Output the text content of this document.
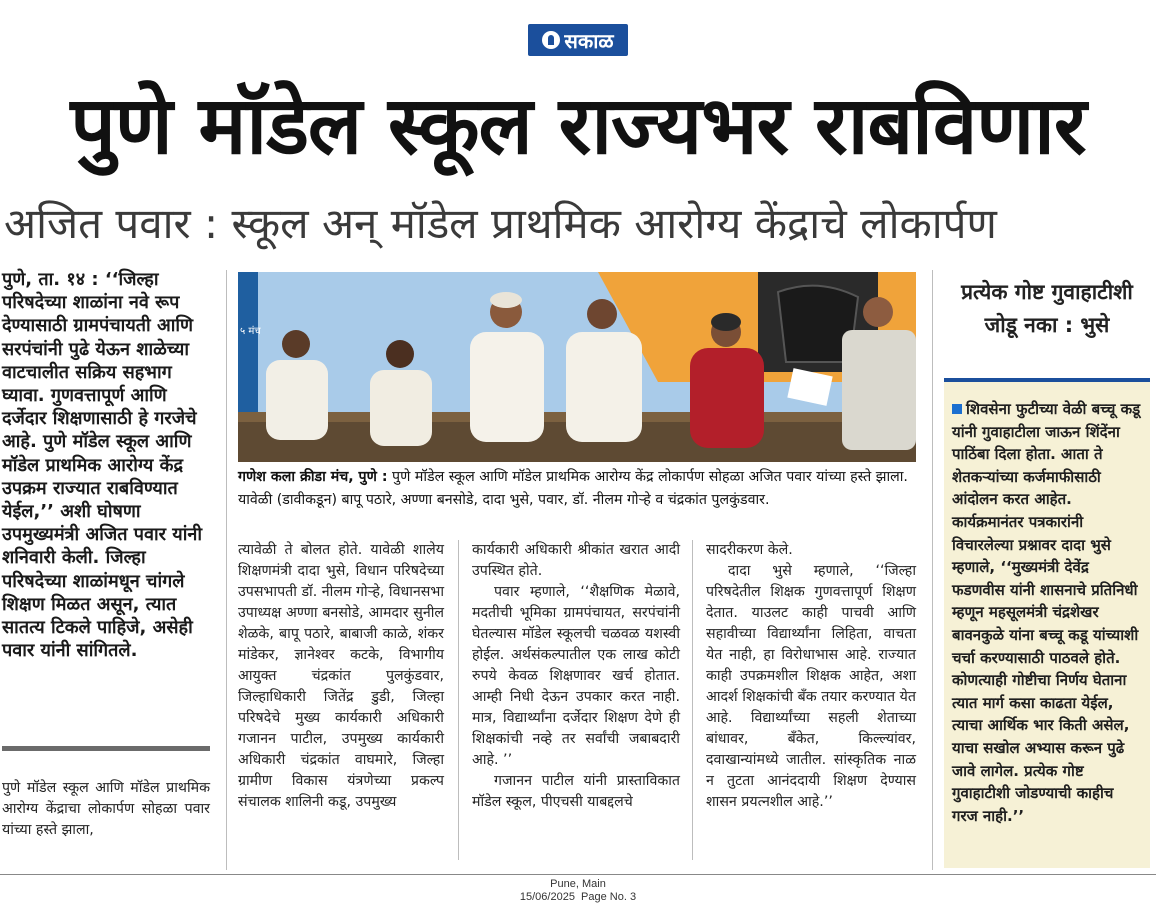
सकाळ
पुणे मॉडेल स्कूल राज्यभर राबविणार
अजित पवार : स्कूल अन् मॉडेल प्राथमिक आरोग्य केंद्राचे लोकार्पण
पुणे, ता. १४ : ‘‘जिल्हा परिषदेच्या शाळांना नवे रूप देण्यासाठी ग्रामपंचायती आणि सरपंचांनी पुढे येऊन शाळेच्या वाटचालीत सक्रिय सहभाग घ्यावा. गुणवत्तापूर्ण आणि दर्जेदार शिक्षणासाठी हे गरजेचे आहे. पुणे मॉडेल स्कूल आणि मॉडेल प्राथमिक आरोग्य केंद्र उपक्रम राज्यात राबविण्यात येईल,’’ अशी घोषणा उपमुख्यमंत्री अजित पवार यांनी शनिवारी केली. जिल्हा परिषदेच्या शाळांमधून चांगले शिक्षण मिळत असून, त्यात सातत्य टिकले पाहिजे, असेही पवार यांनी सांगितले.
पुणे मॉडेल स्कूल आणि मॉडेल प्राथमिक आरोग्य केंद्राचा लोकार्पण सोहळा पवार यांच्या हस्ते झाला,
५ मंच
गणेश कला क्रीडा मंच, पुणे : पुणे मॉडेल स्कूल आणि मॉडेल प्राथमिक आरोग्य केंद्र लोकार्पण सोहळा अजित पवार यांच्या हस्ते झाला. यावेळी (डावीकडून) बापू पठारे, अण्णा बनसोडे, दादा भुसे, पवार, डॉ. नीलम गोऱ्हे व चंद्रकांत पुलकुंडवार.
त्यावेळी ते बोलत होते. यावेळी शालेय शिक्षणमंत्री दादा भुसे, विधान परिषदेच्या उपसभापती डॉ. नीलम गोऱ्हे, विधानसभा उपाध्यक्ष अण्णा बनसोडे, आमदार सुनील शेळके, बापू पठारे, बाबाजी काळे, शंकर मांडेकर, ज्ञानेश्वर कटके, विभागीय आयुक्त चंद्रकांत पुलकुंडवार, जिल्हाधिकारी जितेंद्र डुडी, जिल्हा परिषदेचे मुख्य कार्यकारी अधिकारी गजानन पाटील, उपमुख्य कार्यकारी अधिकारी चंद्रकांत वाघमारे, जिल्हा ग्रामीण विकास यंत्रणेच्या प्रकल्प संचालक शालिनी कडू, उपमुख्य

कार्यकारी अधिकारी श्रीकांत खरात आदी उपस्थित होते.

पवार म्हणाले, ‘‘शैक्षणिक मेळावे, मदतीची भूमिका ग्रामपंचायत, सरपंचांनी घेतल्यास मॉडेल स्कूलची चळवळ यशस्वी होईल. अर्थसंकल्पातील एक लाख कोटी रुपये केवळ शिक्षणावर खर्च होतात. आम्ही निधी देऊन उपकार करत नाही. मात्र, विद्यार्थ्यांना दर्जेदार शिक्षण देणे ही शिक्षकांची नव्हे तर सर्वांची जबाबदारी आहे. ’’

गजानन पाटील यांनी प्रास्ताविकात मॉडेल स्कूल, पीएचसी याबद्दलचे

सादरीकरण केले.

दादा भुसे म्हणाले, ‘‘जिल्हा परिषदेतील शिक्षक गुणवत्तापूर्ण शिक्षण देतात. याउलट काही पाचवी आणि सहावीच्या विद्यार्थ्यांना लिहिता, वाचता येत नाही, हा विरोधाभास आहे. राज्यात काही उपक्रमशील शिक्षक आहेत, अशा आदर्श शिक्षकांची बँक तयार करण्यात येत आहे. विद्यार्थ्यांच्या सहली शेताच्या बांधावर, बँकेत, किल्ल्यांवर, दवाखान्यांमध्ये जातील. सांस्कृतिक नाळ न तुटता आनंददायी शिक्षण देण्यास शासन प्रयत्नशील आहे.’’

प्रत्येक गोष्ट गुवाहाटीशी जोडू नका : भुसे
शिवसेना फुटीच्या वेळी बच्चू कडू यांनी गुवाहाटीला जाऊन शिंदेंना पाठिंबा दिला होता. आता ते शेतकऱ्यांच्या कर्जमाफीसाठी आंदोलन करत आहेत. कार्यक्रमानंतर पत्रकारांनी विचारलेल्या प्रश्नावर दादा भुसे म्हणाले, ‘‘मुख्यमंत्री देवेंद्र फडणवीस यांनी शासनाचे प्रतिनिधी म्हणून महसूलमंत्री चंद्रशेखर बावनकुळे यांना बच्चू कडू यांच्याशी चर्चा करण्यासाठी पाठवले होते. कोणत्याही गोष्टीचा निर्णय घेताना त्यात मार्ग कसा काढता येईल, त्याचा आर्थिक भार किती असेल, याचा सखोल अभ्यास करून पुढे जावे लागेल. प्रत्येक गोष्ट गुवाहाटीशी जोडण्याची काहीच गरज नाही.’’
Pune, Main
15/06/2025  Page No. 3
